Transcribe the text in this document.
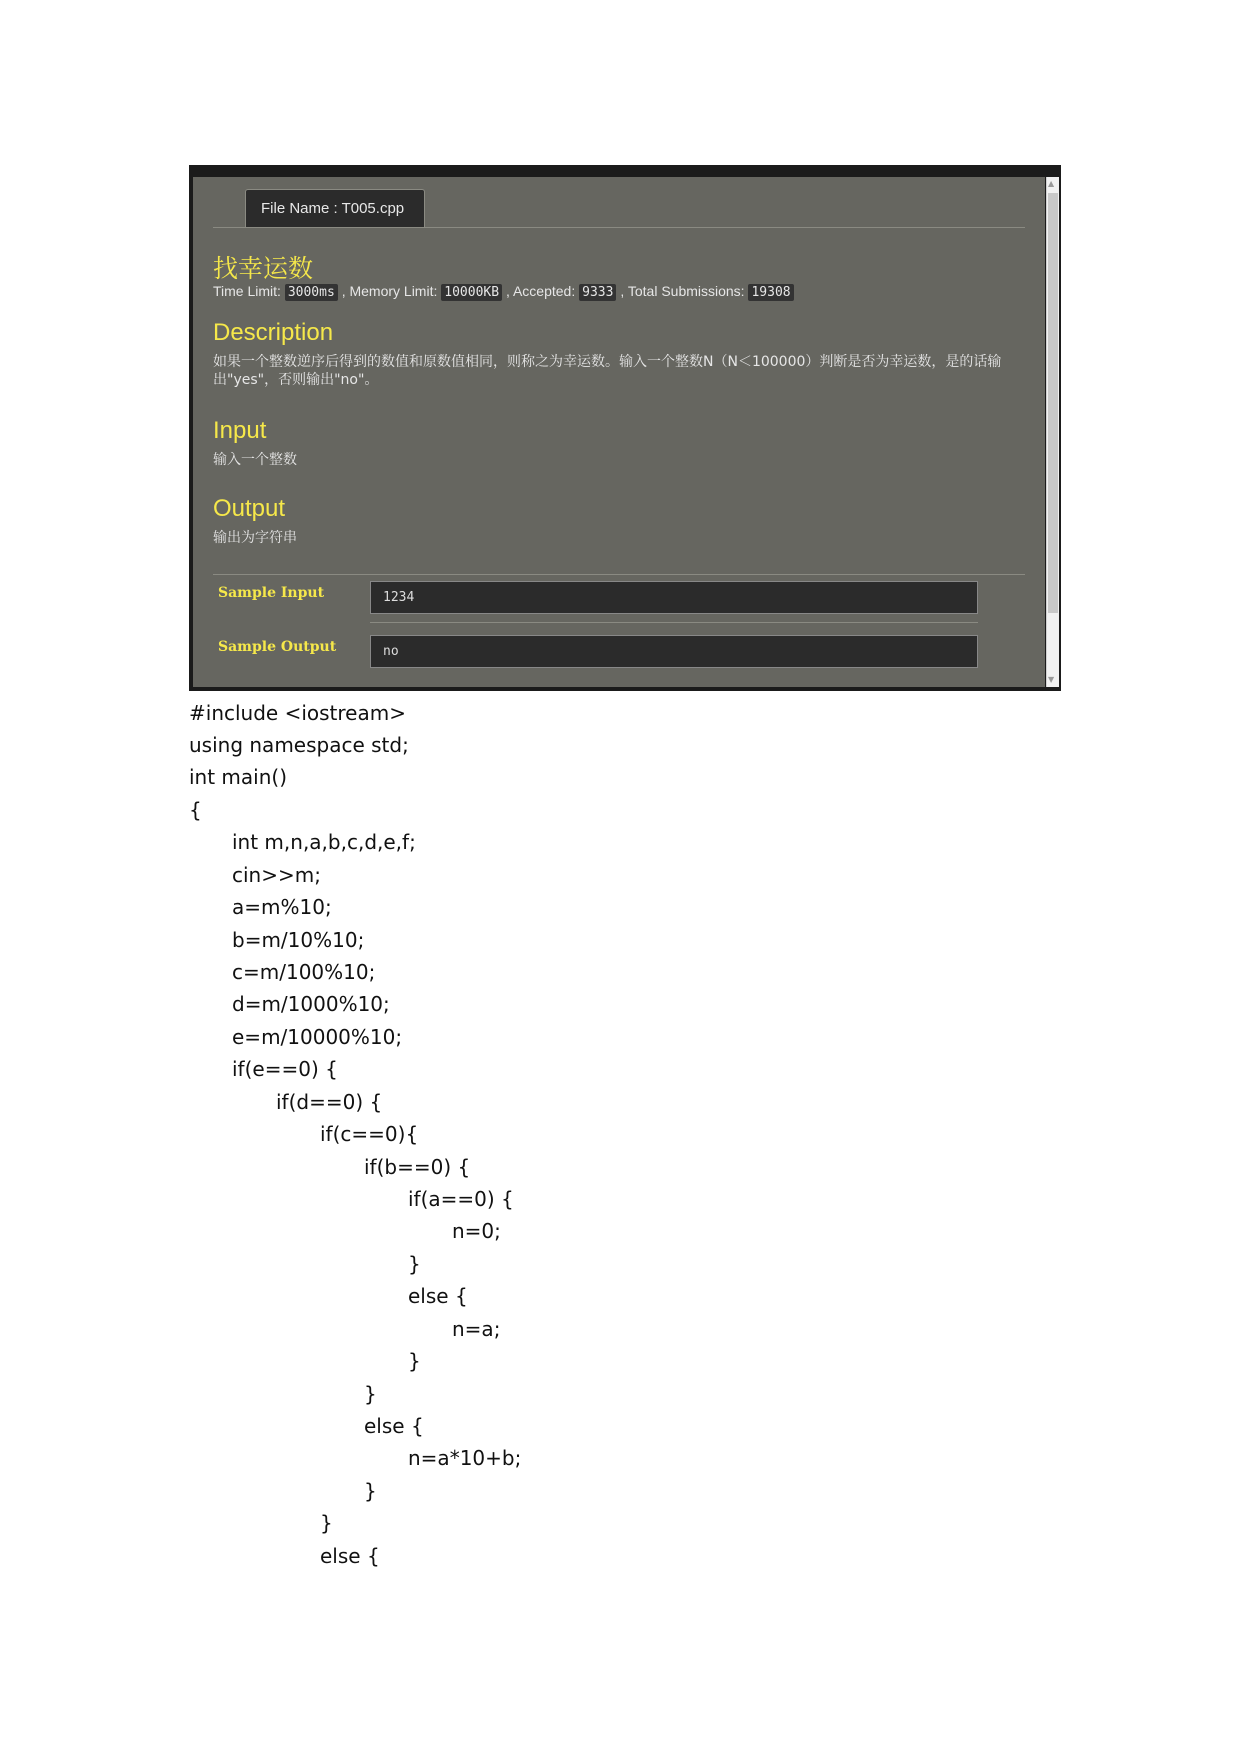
File Name : T005.cpp
找幸运数
Time Limit: 3000ms , Memory Limit: 10000KB , Accepted: 9333 , Total Submissions: 19308
Description
如果一个整数逆序后得到的数值和原数值相同，则称之为幸运数。输入一个整数N（N＜100000）判断是否为幸运数，是的话输
出"yes"，否则输出"no"。
Input
输入一个整数
Output
输出为字符串
Sample Input	1234
Sample Output	no
▲
▼
#include <iostream>
using namespace std;
int main()
{
int m,n,a,b,c,d,e,f;
cin>>m;
a=m%10;
b=m/10%10;
c=m/100%10;
d=m/1000%10;
e=m/10000%10;
if(e==0) {
if(d==0) {
if(c==0){
if(b==0) {
if(a==0) {
n=0;
}
else {
n=a;
}
}
else {
n=a*10+b;
}
}
else {
